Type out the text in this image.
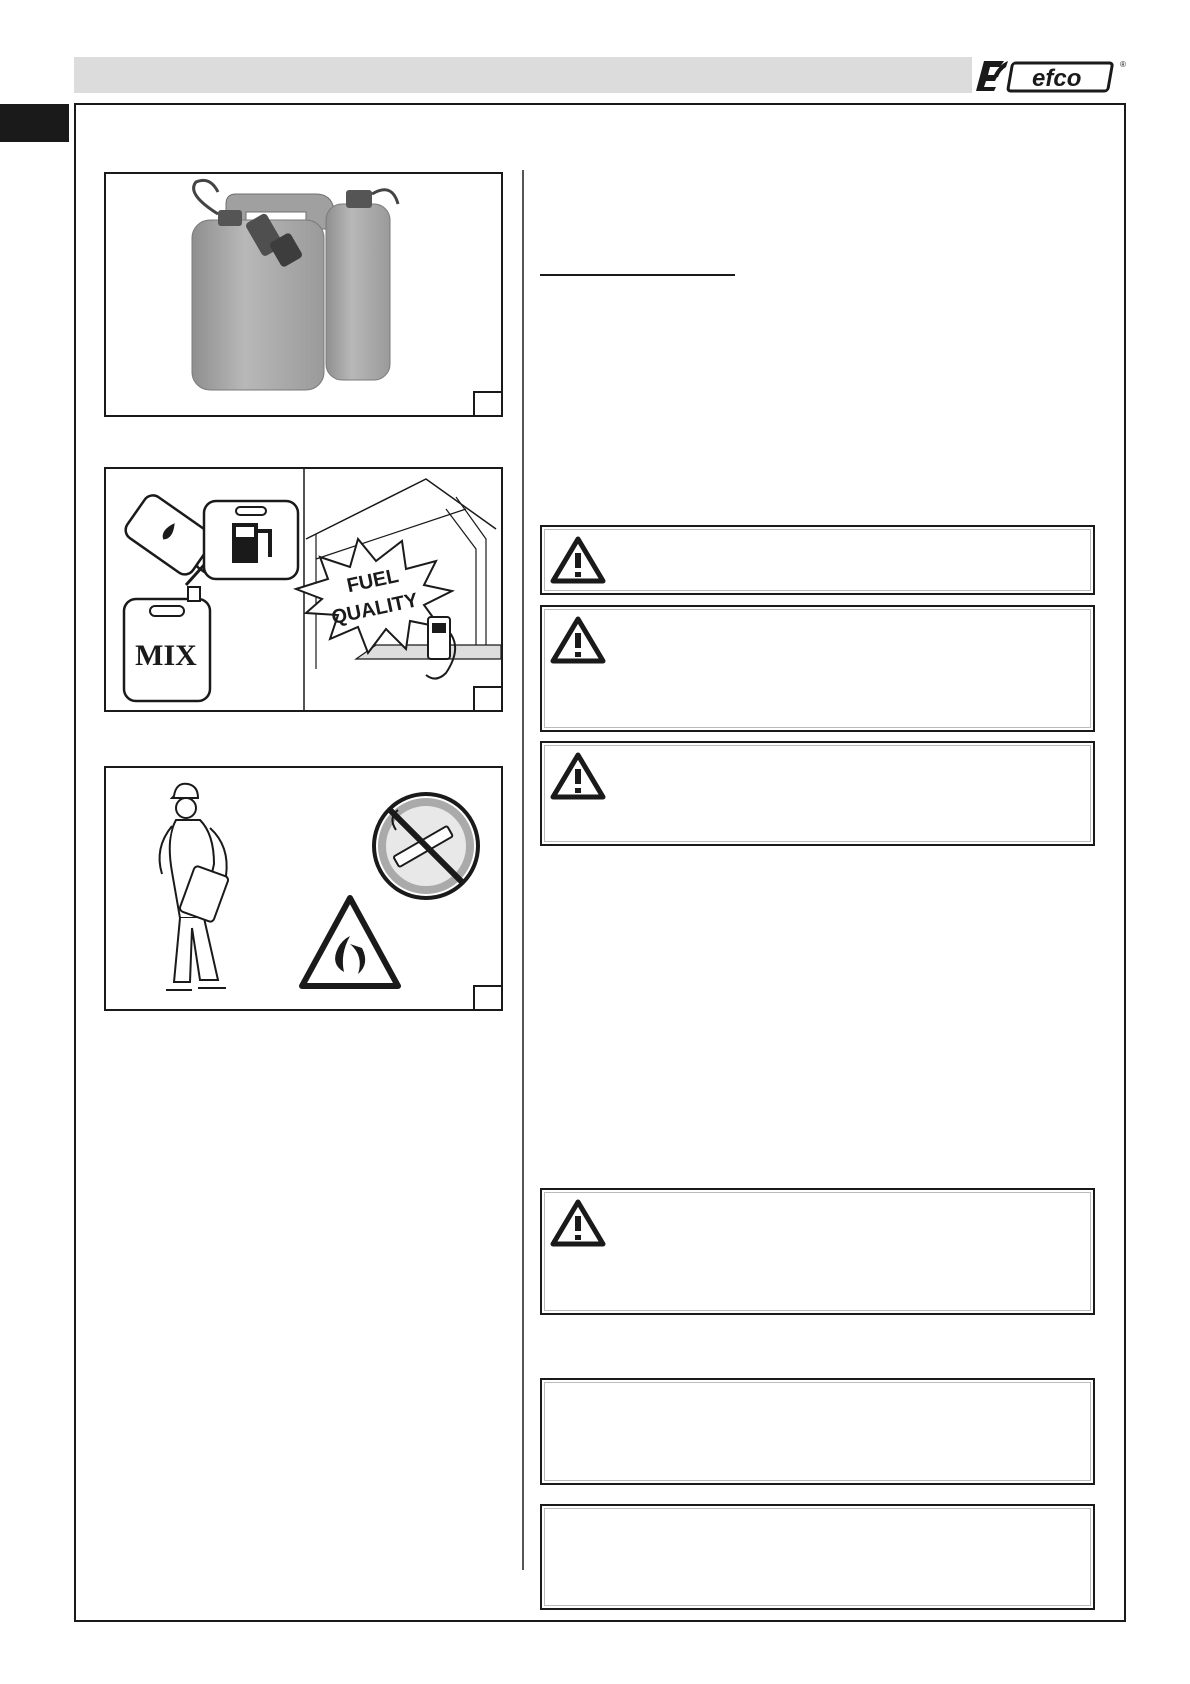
efco
®
MIX
FUEL
QUALITY
